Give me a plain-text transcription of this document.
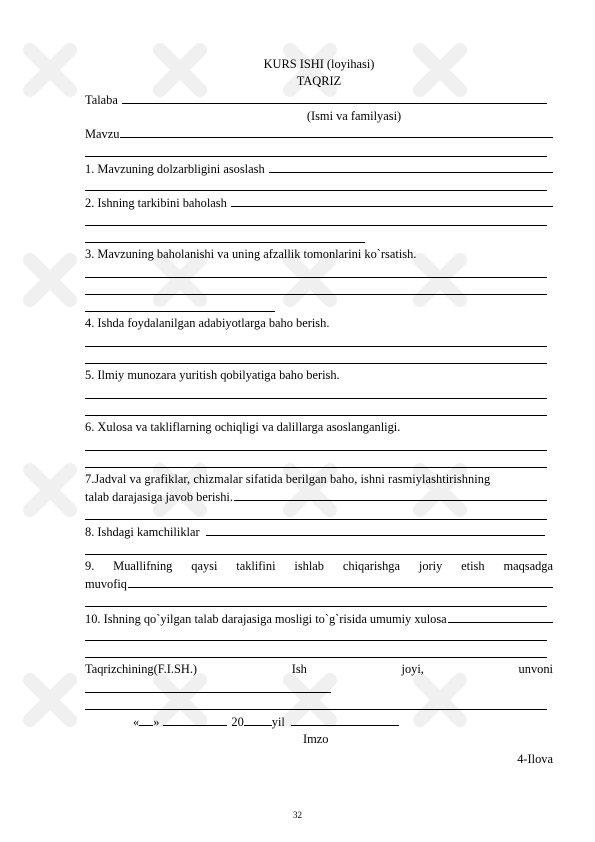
KURS ISHI (loyihasi)
TAQRIZ
Talaba
(Ismi va familyasi)
Mavzu
1. Mavzuning dolzarbligini asoslash
2. Ishning tarkibini baholash
3. Mavzuning baholanishi va uning afzallik tomonlarini ko`rsatish.
4. Ishda foydalanilgan adabiyotlarga baho berish.
5. Ilmiy munozara yuritish qobilyatiga baho berish.
6. Xulosa va takliflarning ochiqligi va dalillarga asoslanganligi.
7.Jadval va grafiklar, chizmalar sifatida berilgan baho, ishni rasmiylashtirishning
talab darajasiga javob berishi.
8. Ishdagi kamchiliklar
9. Muallifning qaysi taklifini ishlab chiqarishga joriy etish maqsadga
muvofiq
10. Ishning qo`yilgan talab darajasiga mosligi to`g`risida umumiy xulosa
Taqrizchining(F.I.SH.)	Ish	joyi,	unvoni
« »	20 yil
Imzo
4-Ilova
32
